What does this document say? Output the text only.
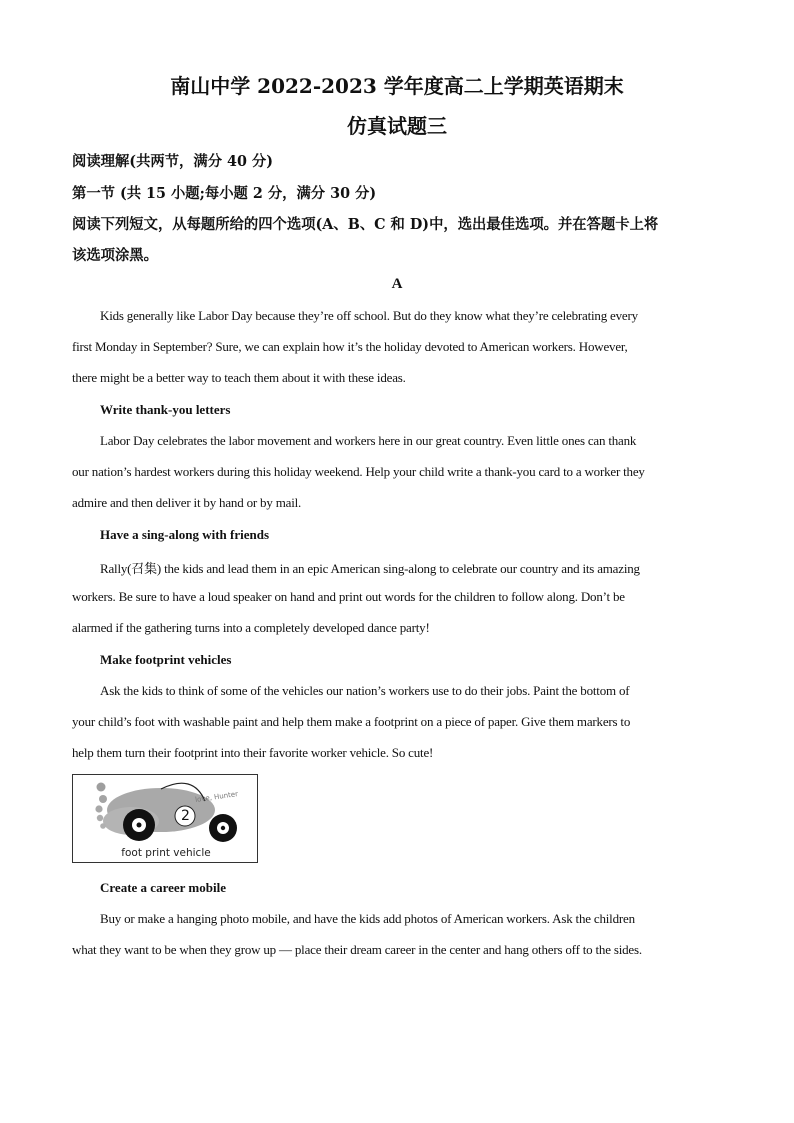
南山中学 2022-2023 学年度高二上学期英语期末
仿真试题三
阅读理解(共两节，满分 40 分)
第一节 (共 15 小题;每小题 2 分，满分 30 分)
阅读下列短文，从每题所给的四个选项(A、B、C 和 D)中，选出最佳选项。并在答题卡上将
该选项涂黑。
A
Kids generally like Labor Day because they’re off school. But do they know what they’re celebrating every
first Monday in September? Sure, we can explain how it’s the holiday devoted to American workers. However,
there might be a better way to teach them about it with these ideas.
Write thank-you letters
Labor Day celebrates the labor movement and workers here in our great country. Even little ones can thank
our nation’s hardest workers during this holiday weekend. Help your child write a thank-you card to a worker they
admire and then deliver it by hand or by mail.
Have a sing-along with friends
Rally(召集) the kids and lead them in an epic American sing-along to celebrate our country and its amazing
workers. Be sure to have a loud speaker on hand and print out words for the children to follow along. Don’t be
alarmed if the gathering turns into a completely developed dance party!
Make footprint vehicles
Ask the kids to think of some of the vehicles our nation’s workers use to do their jobs. Paint the bottom of
your child’s foot with washable paint and help them make a footprint on a piece of paper. Give them markers to
help them turn their footprint into their favorite worker vehicle. So cute!
love, Hunter
2
foot print vehicle
Create a career mobile
Buy or make a hanging photo mobile, and have the kids add photos of American workers. Ask the children
what they want to be when they grow up — place their dream career in the center and hang others off to the sides.
